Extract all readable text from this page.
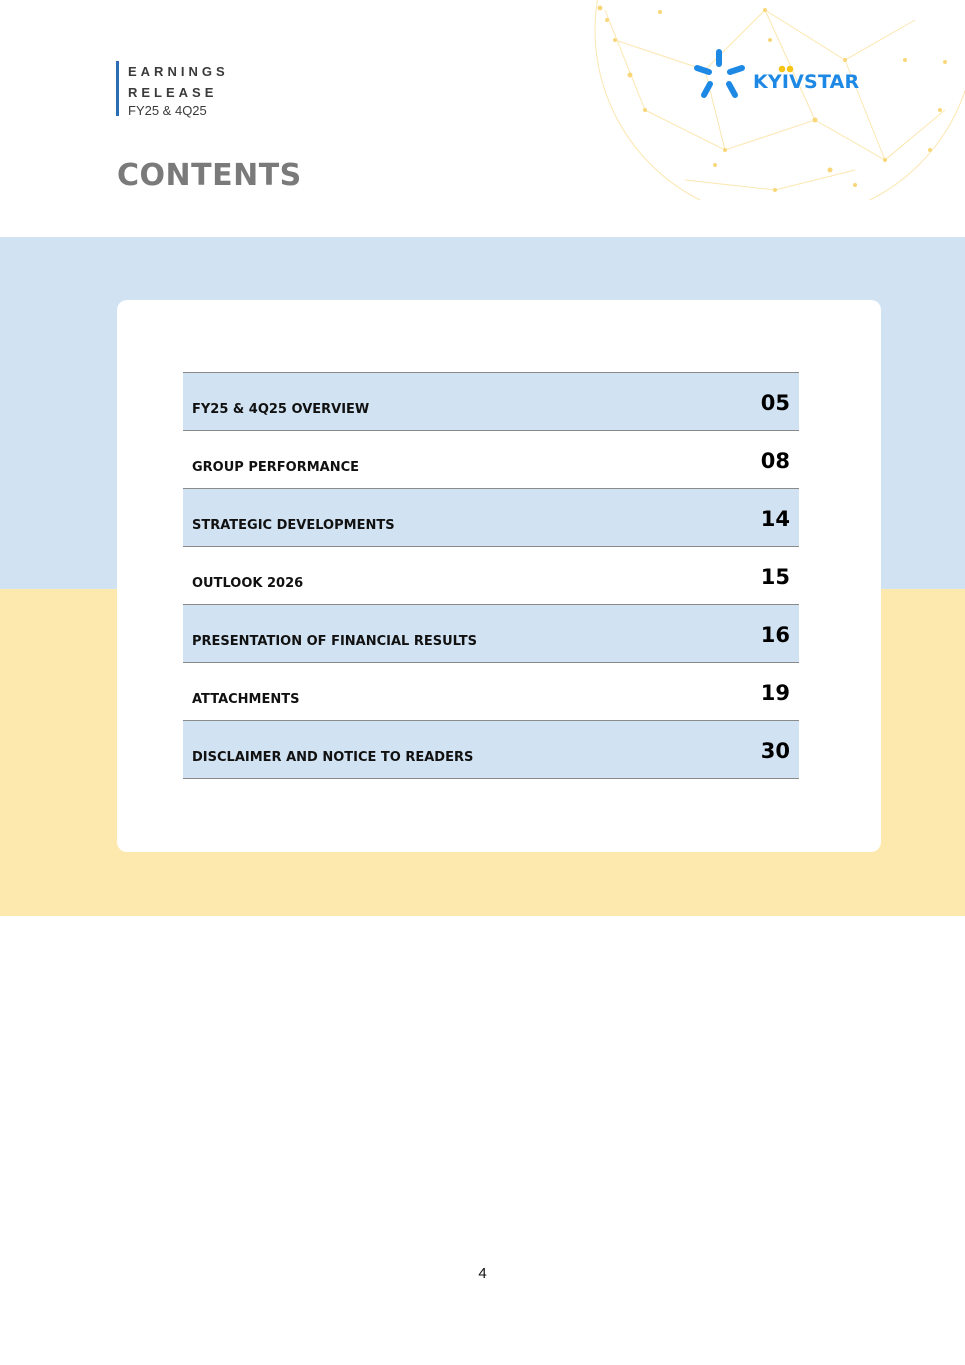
EARNINGS
RELEASE
FY25 & 4Q25
KYIVSTAR
CONTENTS
FY25 & 4Q25 OVERVIEW	05
GROUP PERFORMANCE	08
STRATEGIC DEVELOPMENTS	14
OUTLOOK 2026	15
PRESENTATION OF FINANCIAL RESULTS	16
ATTACHMENTS	19
DISCLAIMER AND NOTICE TO READERS	30
4
